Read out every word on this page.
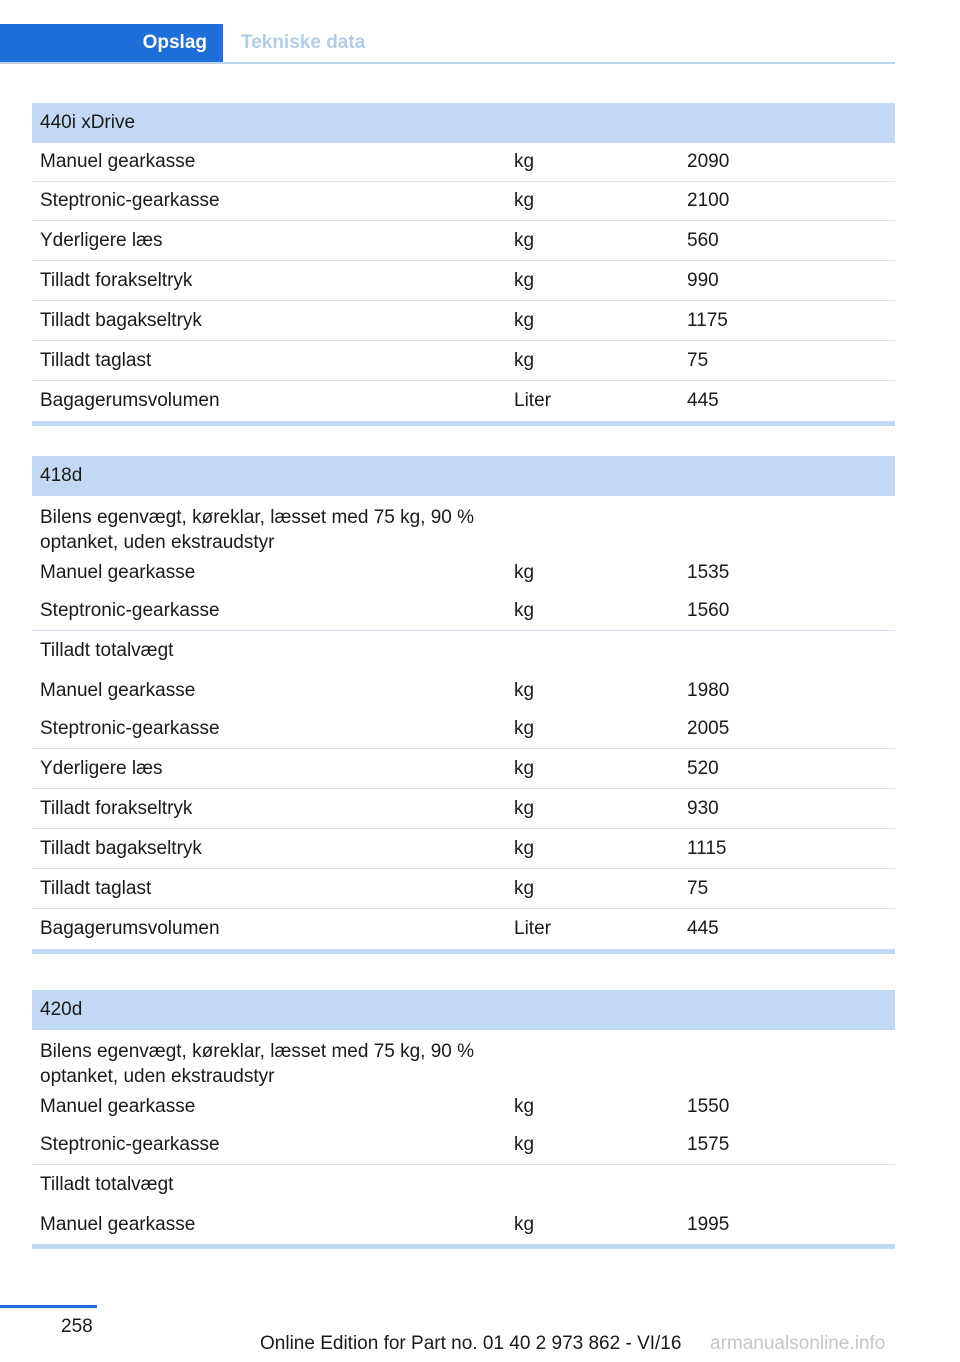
Opslag	Tekniske data
440i xDrive
Manuel gearkasse	kg	2090
Steptronic-gearkasse	kg	2100
Yderligere læs	kg	560
Tilladt forakseltryk	kg	990
Tilladt bagakseltryk	kg	1175
Tilladt taglast	kg	75
Bagagerumsvolumen	Liter	445
418d
Bilens egenvægt, køreklar, læsset med 75 kg, 90 % optanket, uden ekstraudstyr
Manuel gearkasse	kg	1535
Steptronic-gearkasse	kg	1560
Tilladt totalvægt
Manuel gearkasse	kg	1980
Steptronic-gearkasse	kg	2005
Yderligere læs	kg	520
Tilladt forakseltryk	kg	930
Tilladt bagakseltryk	kg	1115
Tilladt taglast	kg	75
Bagagerumsvolumen	Liter	445
420d
Bilens egenvægt, køreklar, læsset med 75 kg, 90 % optanket, uden ekstraudstyr
Manuel gearkasse	kg	1550
Steptronic-gearkasse	kg	1575
Tilladt totalvægt
Manuel gearkasse	kg	1995
258
Online Edition for Part no. 01 40 2 973 862 - VI/16 armanualsonline.info
